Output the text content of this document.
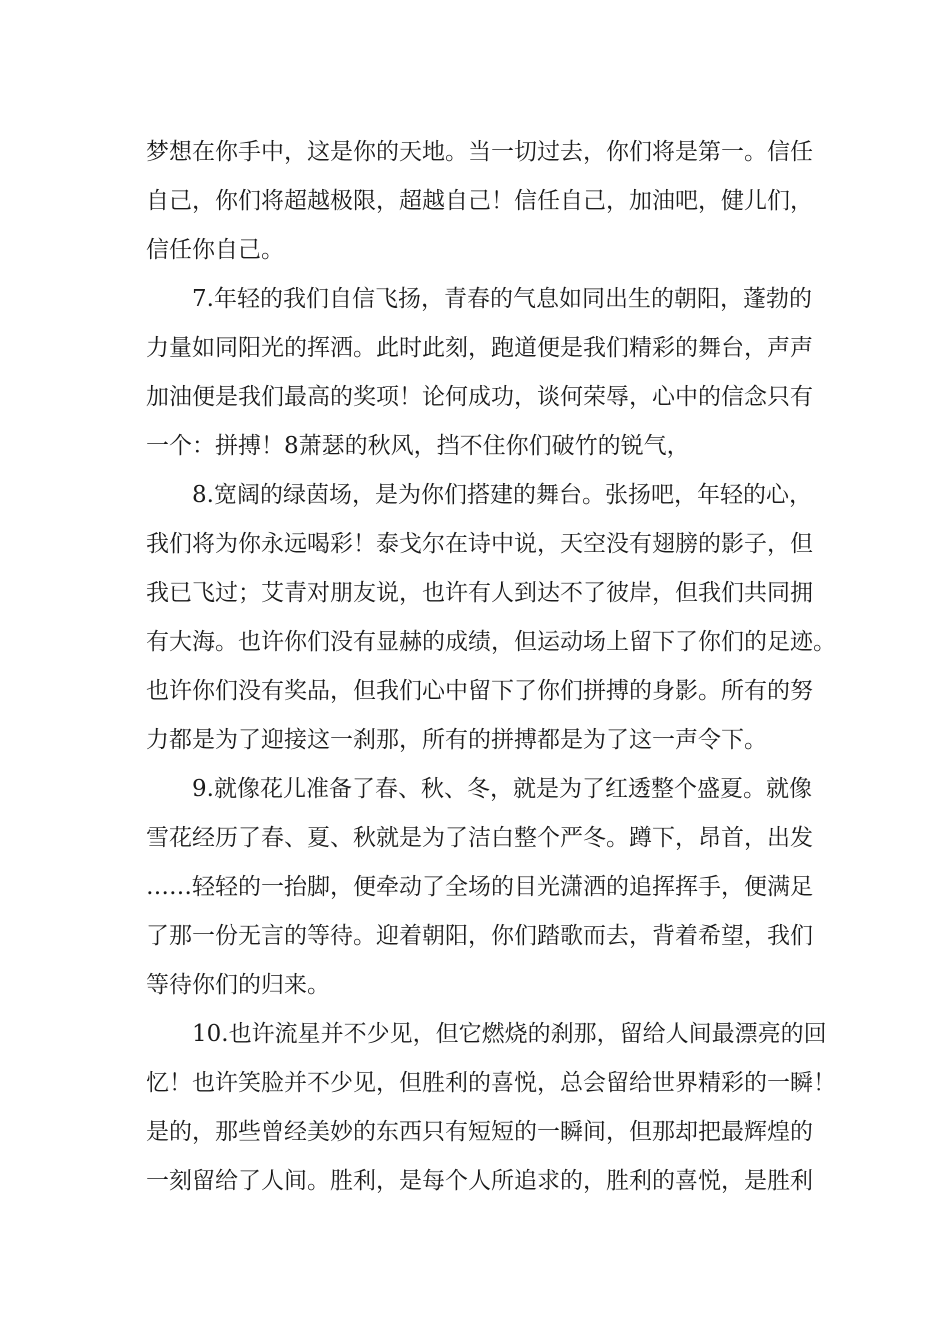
梦想在你手中，这是你的天地。当一切过去，你们将是第一。信任
自己，你们将超越极限，超越自己！信任自己，加油吧，健儿们，
信任你自己。
7.年轻的我们自信飞扬，青春的气息如同出生的朝阳，蓬勃的
力量如同阳光的挥洒。此时此刻，跑道便是我们精彩的舞台，声声
加油便是我们最高的奖项！论何成功，谈何荣辱，心中的信念只有
一个：拼搏！8萧瑟的秋风，挡不住你们破竹的锐气，
8.宽阔的绿茵场，是为你们搭建的舞台。张扬吧，年轻的心，
我们将为你永远喝彩！泰戈尔在诗中说，天空没有翅膀的影子，但
我已飞过；艾青对朋友说，也许有人到达不了彼岸，但我们共同拥
有大海。也许你们没有显赫的成绩，但运动场上留下了你们的足迹。
也许你们没有奖品，但我们心中留下了你们拼搏的身影。所有的努
力都是为了迎接这一刹那，所有的拼搏都是为了这一声令下。
9.就像花儿准备了春、秋、冬，就是为了红透整个盛夏。就像
雪花经历了春、夏、秋就是为了洁白整个严冬。蹲下，昂首，出发
……轻轻的一抬脚，便牵动了全场的目光潇洒的追挥挥手，便满足
了那一份无言的等待。迎着朝阳，你们踏歌而去，背着希望，我们
等待你们的归来。
10.也许流星并不少见，但它燃烧的刹那，留给人间最漂亮的回
忆！也许笑脸并不少见，但胜利的喜悦，总会留给世界精彩的一瞬！
是的，那些曾经美妙的东西只有短短的一瞬间，但那却把最辉煌的
一刻留给了人间。胜利，是每个人所追求的，胜利的喜悦，是胜利
